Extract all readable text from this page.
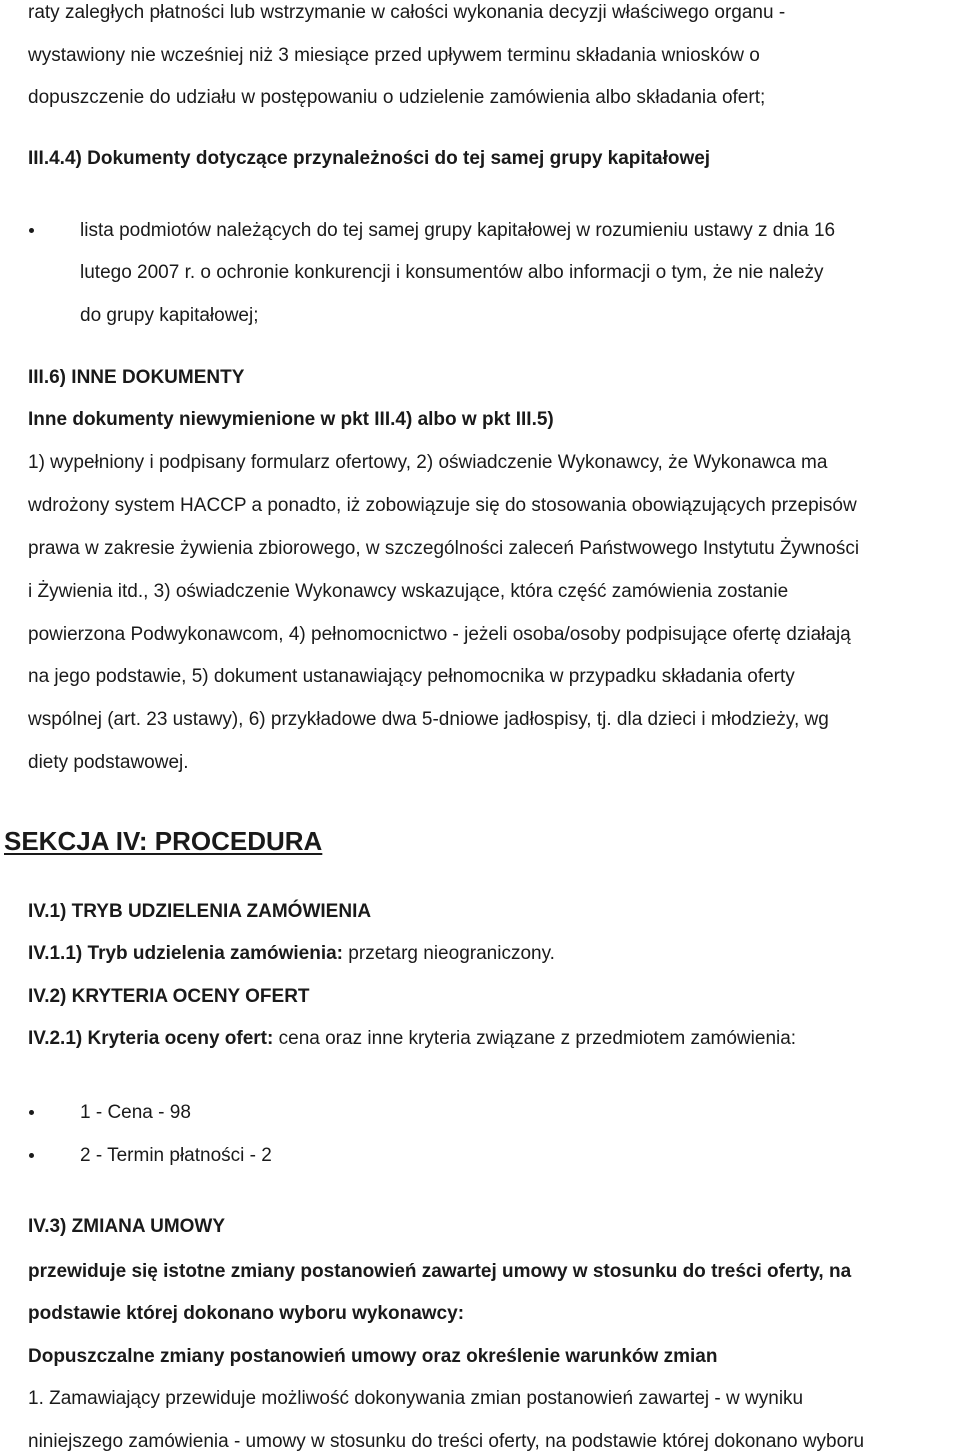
raty zaległych płatności lub wstrzymanie w całości wykonania decyzji właściwego organu -
wystawiony nie wcześniej niż 3 miesiące przed upływem terminu składania wniosków o
dopuszczenie do udziału w postępowaniu o udzielenie zamówienia albo składania ofert;
III.4.4) Dokumenty dotyczące przynależności do tej samej grupy kapitałowej
lista podmiotów należących do tej samej grupy kapitałowej w rozumieniu ustawy z dnia 16
lutego 2007 r. o ochronie konkurencji i konsumentów albo informacji o tym, że nie należy
do grupy kapitałowej;
III.6) INNE DOKUMENTY
Inne dokumenty niewymienione w pkt III.4) albo w pkt III.5)
1) wypełniony i podpisany formularz ofertowy, 2) oświadczenie Wykonawcy, że Wykonawca ma
wdrożony system HACCP a ponadto, iż zobowiązuje się do stosowania obowiązujących przepisów
prawa w zakresie żywienia zbiorowego, w szczególności zaleceń Państwowego Instytutu Żywności
i Żywienia itd., 3) oświadczenie Wykonawcy wskazujące, która część zamówienia zostanie
powierzona Podwykonawcom, 4) pełnomocnictwo - jeżeli osoba/osoby podpisujące ofertę działają
na jego podstawie, 5) dokument ustanawiający pełnomocnika w przypadku składania oferty
wspólnej (art. 23 ustawy), 6) przykładowe dwa 5-dniowe jadłospisy, tj. dla dzieci i młodzieży, wg
diety podstawowej.
SEKCJA IV: PROCEDURA
IV.1) TRYB UDZIELENIA ZAMÓWIENIA
IV.1.1) Tryb udzielenia zamówienia: przetarg nieograniczony.
IV.2) KRYTERIA OCENY OFERT
IV.2.1) Kryteria oceny ofert: cena oraz inne kryteria związane z przedmiotem zamówienia:
1 - Cena - 98
2 - Termin płatności - 2
IV.3) ZMIANA UMOWY
przewiduje się istotne zmiany postanowień zawartej umowy w stosunku do treści oferty, na
podstawie której dokonano wyboru wykonawcy:
Dopuszczalne zmiany postanowień umowy oraz określenie warunków zmian
1. Zamawiający przewiduje możliwość dokonywania zmian postanowień zawartej - w wyniku
niniejszego zamówienia - umowy w stosunku do treści oferty, na podstawie której dokonano wyboru
